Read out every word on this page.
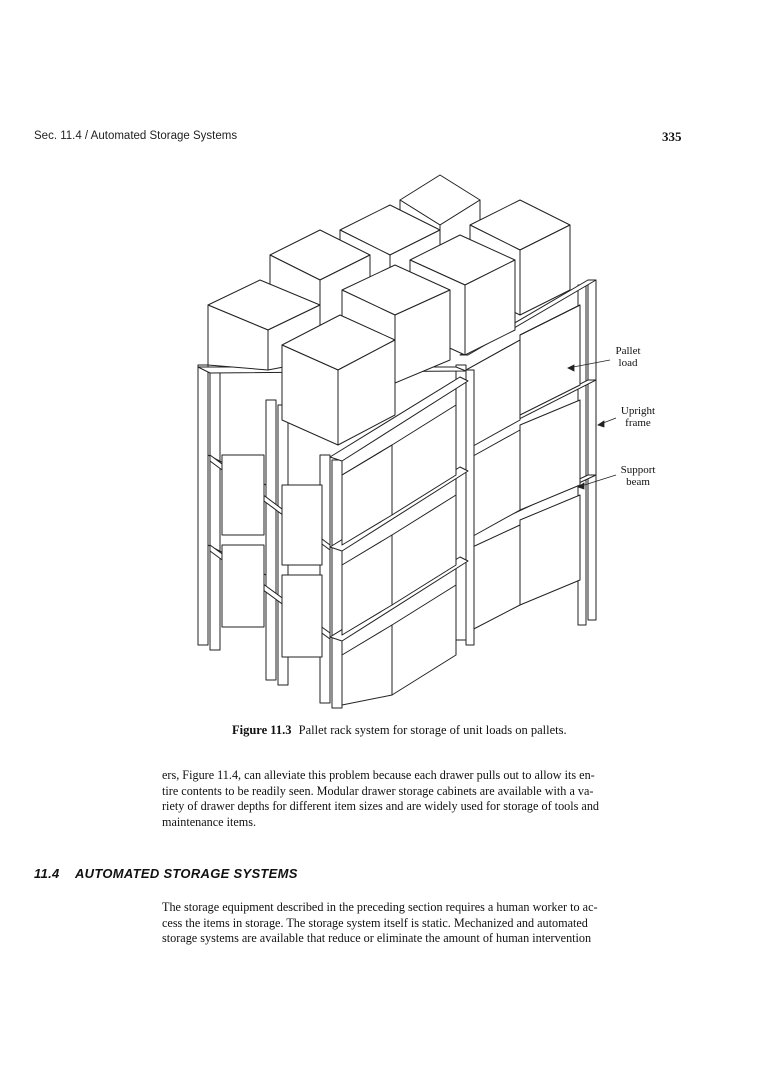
Sec. 11.4 / Automated Storage Systems	335
Pallet
load
Upright
frame
Support
beam
Figure 11.3 Pallet rack system for storage of unit loads on pallets.
ers, Figure 11.4, can alleviate this problem because each drawer pulls out to allow its en-
tire contents to be readily seen. Modular drawer storage cabinets are available with a va-
riety of drawer depths for different item sizes and are widely used for storage of tools and
maintenance items.
11.4 AUTOMATED STORAGE SYSTEMS
The storage equipment described in the preceding section requires a human worker to ac-
cess the items in storage. The storage system itself is static. Mechanized and automated
storage systems are available that reduce or eliminate the amount of human intervention
